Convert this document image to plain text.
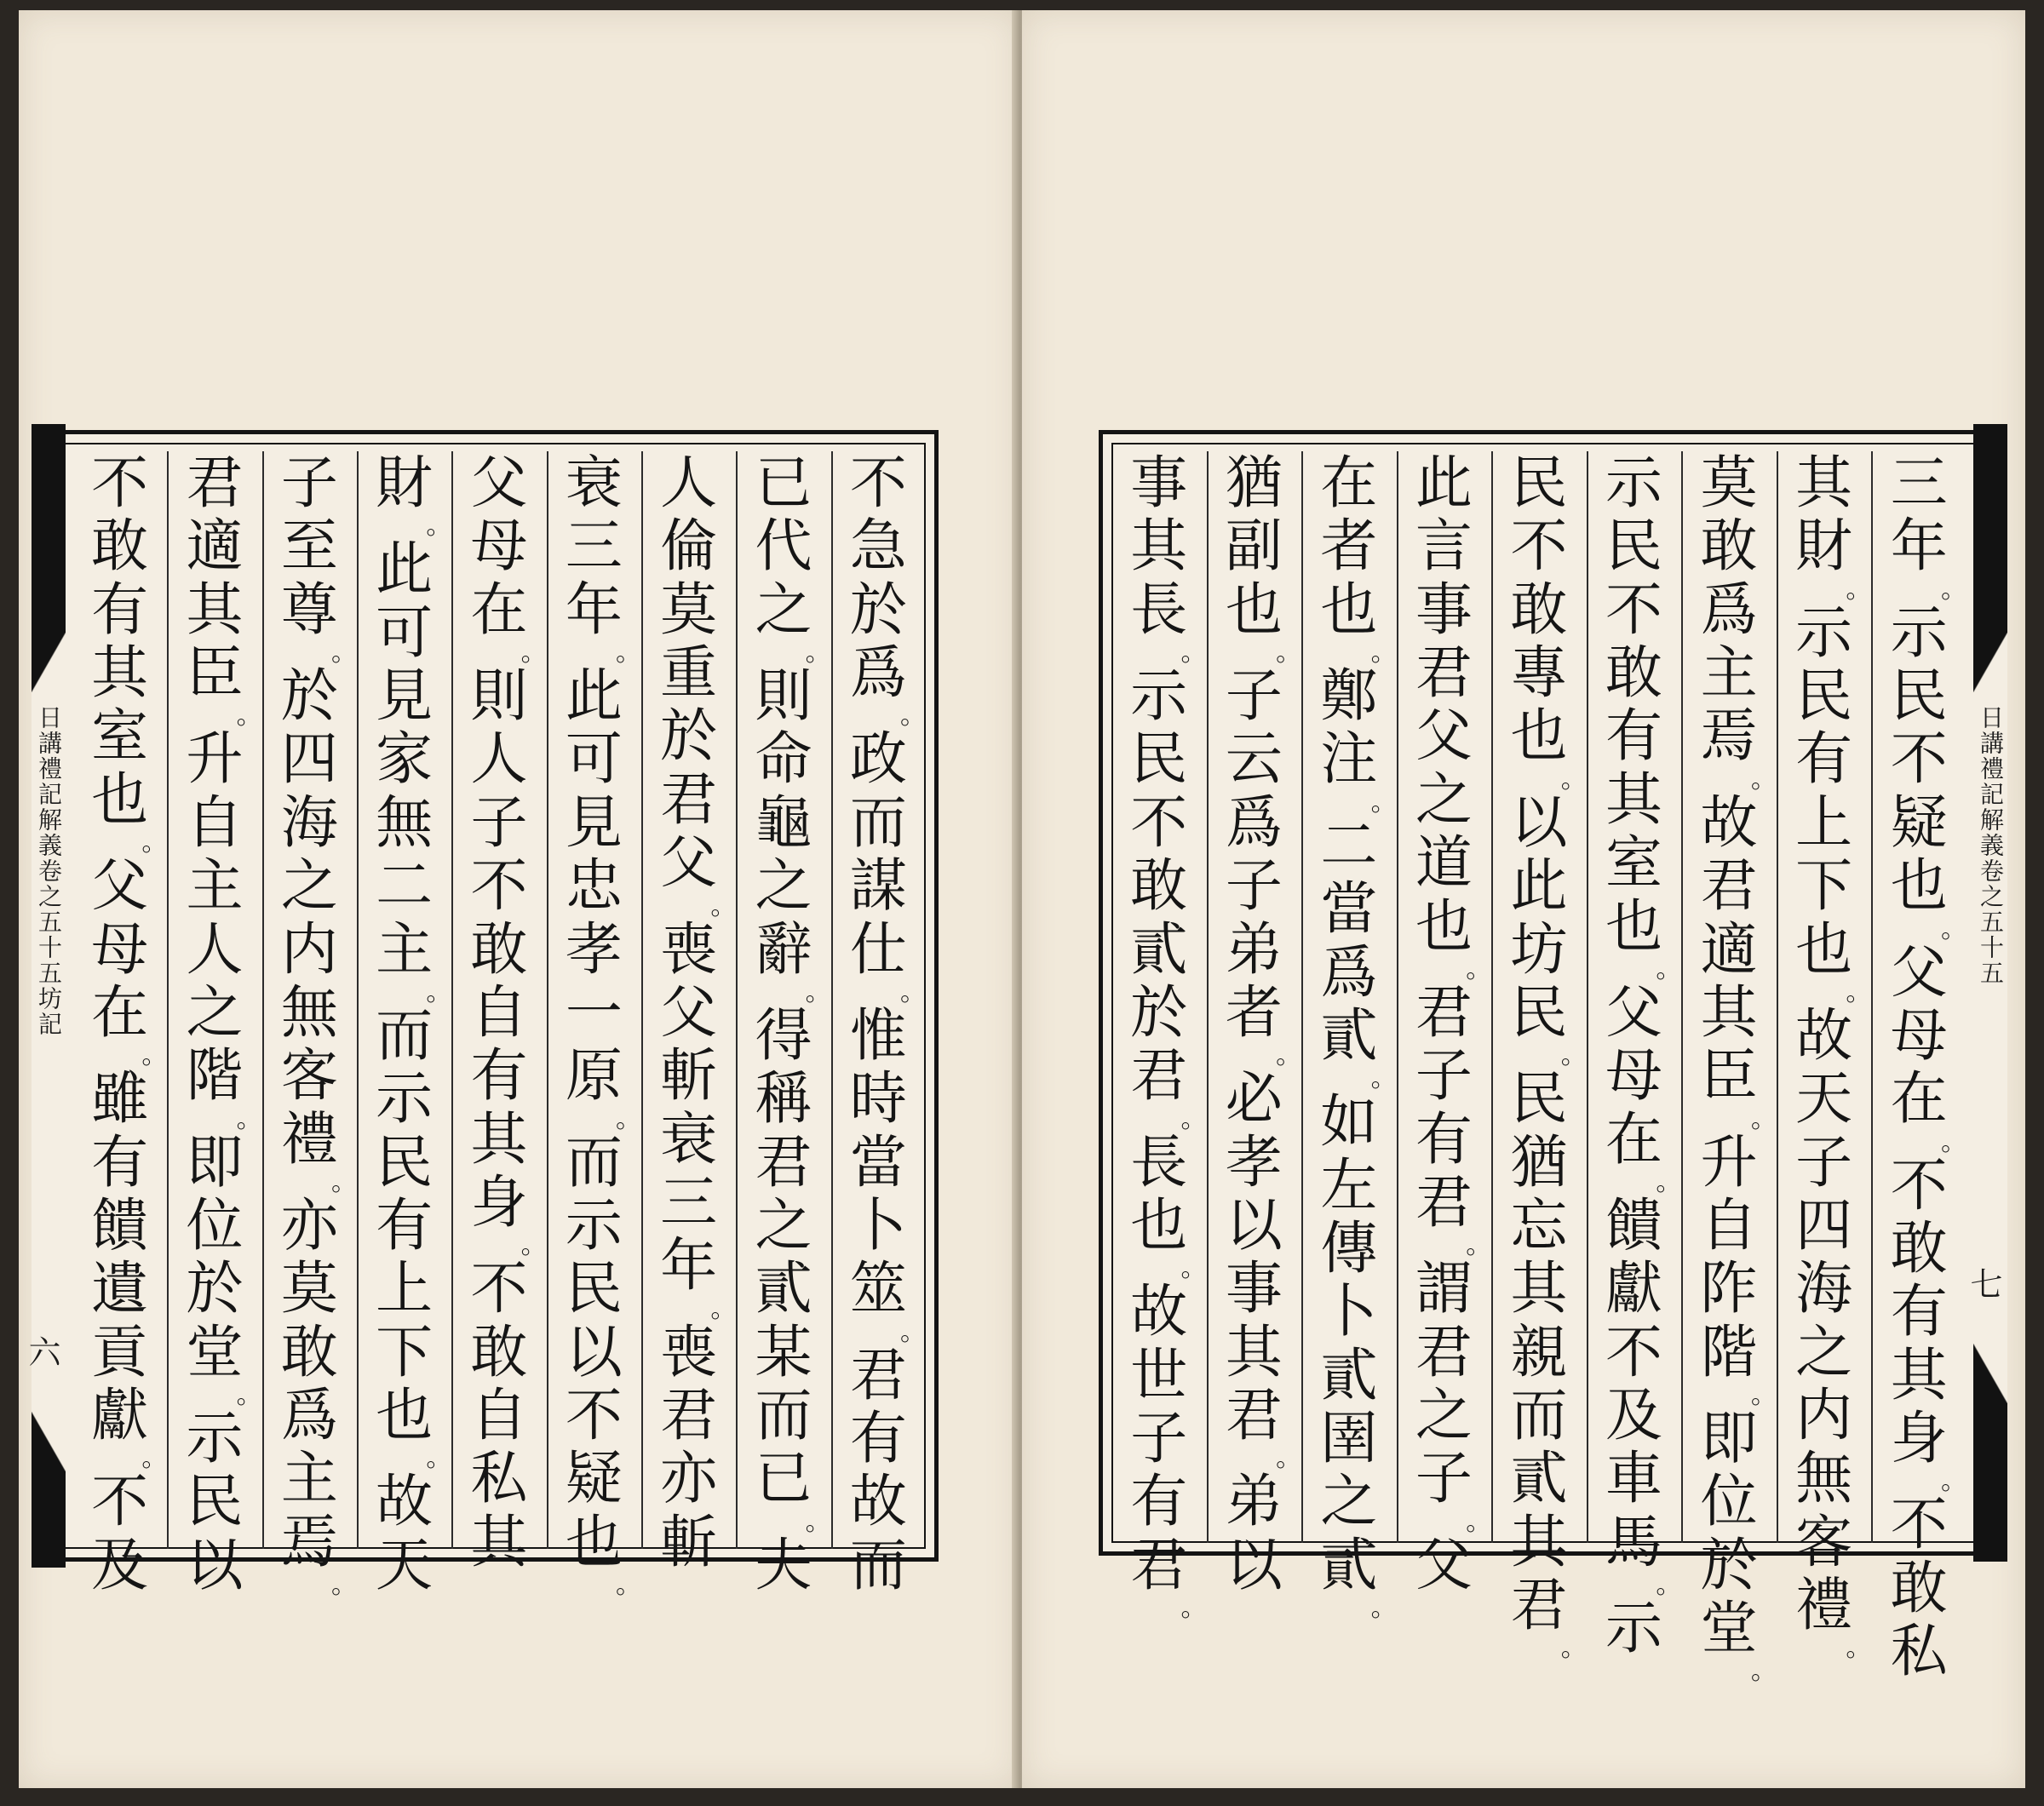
日講禮記解義卷之五十五坊記
六
不
急
於
爲
。
政
而
謀
仕
。
惟
時
當
卜
筮
。
君
有
故
而
已
代
之
。
則
命
龜
之
辭
。
得
稱
君
之
貳
某
而
已
。
夫
人
倫
莫
重
於
君
父
。
喪
父
斬
衰
三
年
。
喪
君
亦
斬
衰
三
年
。
此
可
見
忠
孝
一
原
。
而
示
民
以
不
疑
也
。
父
母
在
。
則
人
子
不
敢
自
有
其
身
。
不
敢
自
私
其
財
。
此
可
見
家
無
二
主
。
而
示
民
有
上
下
也
。
故
天
子
至
尊
。
於
四
海
之
内
無
客
禮
。
亦
莫
敢
爲
主
焉
。
君
適
其
臣
。
升
自
主
人
之
階
。
即
位
於
堂
。
示
民
以
不
敢
有
其
室
也
。
父
母
在
。
雖
有
饋
遺
貢
獻
。
不
及
日講禮記解義卷之五十五
七
三
年
。
示
民
不
疑
也
。
父
母
在
。
不
敢
有
其
身
。
不
敢
私
其
財
。
示
民
有
上
下
也
。
故
天
子
四
海
之
内
無
客
禮
。
莫
敢
爲
主
焉
。
故
君
適
其
臣
。
升
自
阼
階
。
即
位
於
堂
。
示
民
不
敢
有
其
室
也
。
父
母
在
。
饋
獻
不
及
車
馬
。
示
民
不
敢
專
也
。
以
此
坊
民
。
民
猶
忘
其
親
而
貳
其
君
。
此
言
事
君
父
之
道
也
。
君
子
有
君
。
謂
君
之
子
。
父
在
者
也
。
鄭
注
。
二
當
爲
貳
。
如
左
傳
卜
貳
圉
之
貳
。
猶
副
也
。
子
云
爲
子
弟
者
。
必
孝
以
事
其
君
。
弟
以
事
其
長
。
示
民
不
敢
貳
於
君
。
長
也
。
故
世
子
有
君
。
